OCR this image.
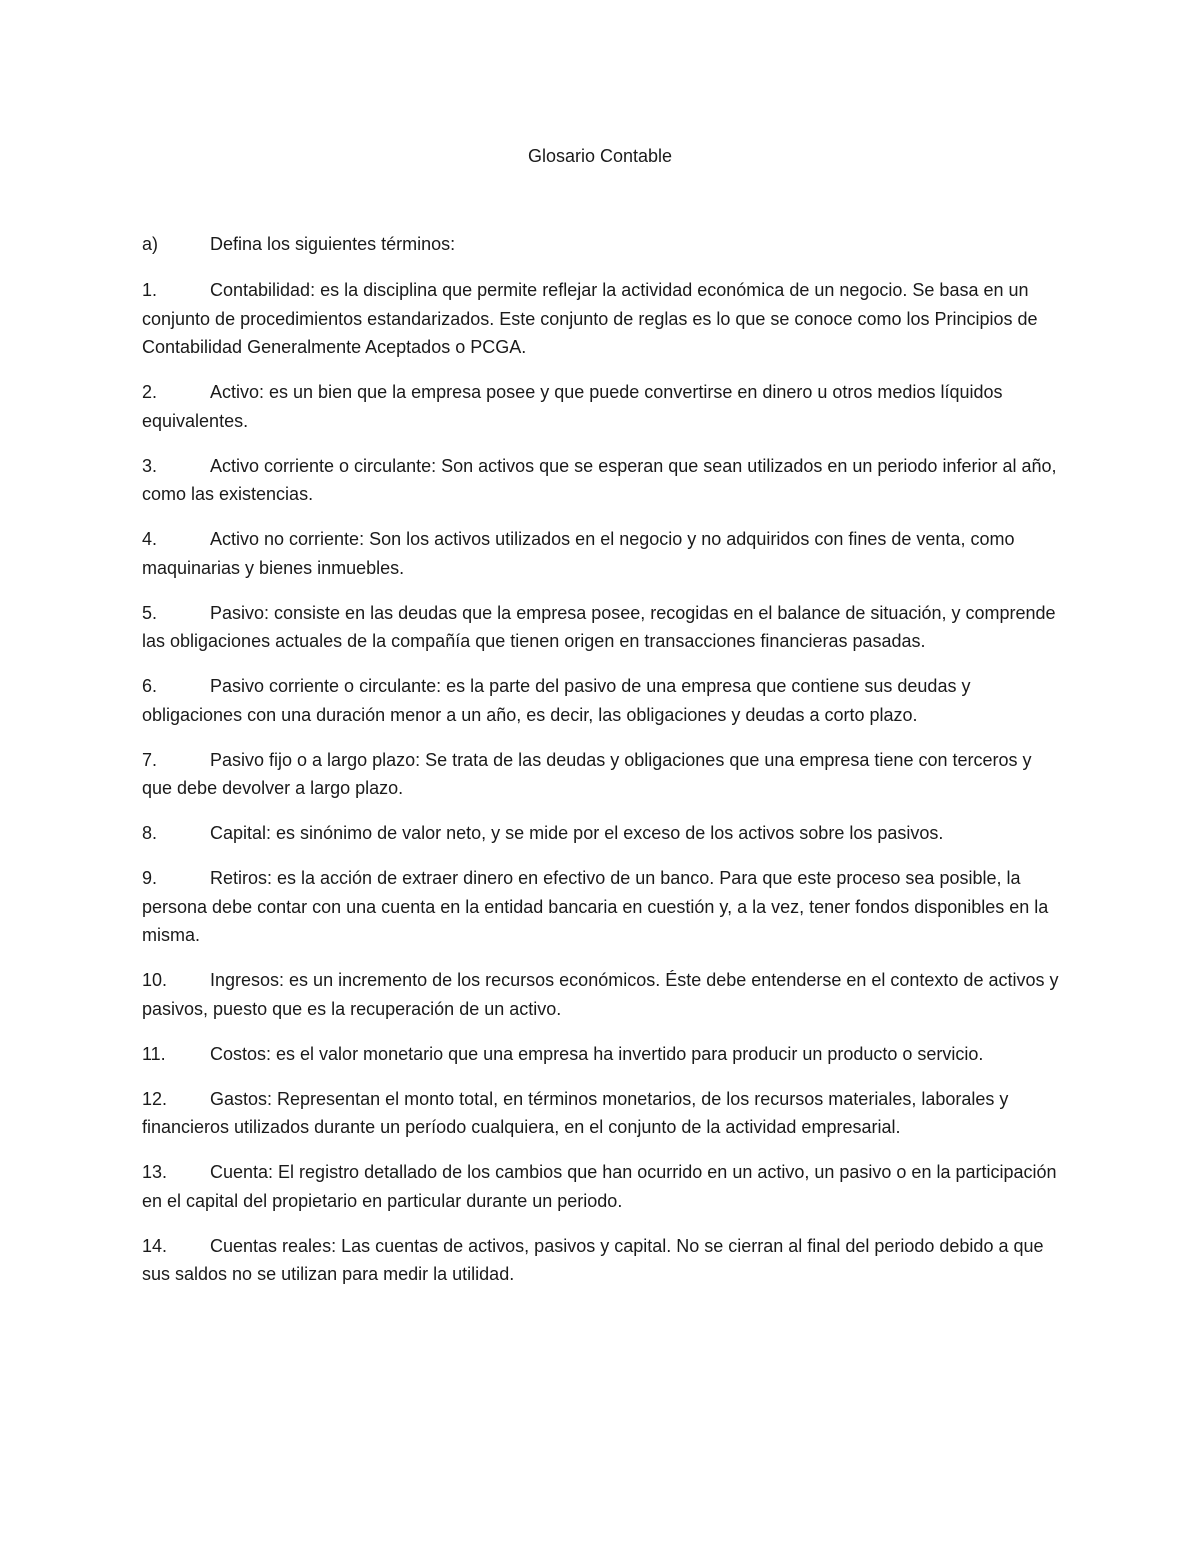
Glosario Contable
a)	Defina los siguientes términos:

1.	Contabilidad: es la disciplina que permite reflejar la actividad económica de un negocio. Se basa en un conjunto de procedimientos estandarizados. Este conjunto de reglas es lo que se conoce como los Principios de Contabilidad Generalmente Aceptados o PCGA.

2.	Activo: es un bien que la empresa posee y que puede convertirse en dinero u otros medios líquidos equivalentes.

3.	Activo corriente o circulante: Son activos que se esperan que sean utilizados en un periodo inferior al año, como las existencias.

4.	Activo no corriente: Son los activos utilizados en el negocio y no adquiridos con fines de venta, como maquinarias y bienes inmuebles.

5.	Pasivo: consiste en las deudas que la empresa posee, recogidas en el balance de situación, y comprende las obligaciones actuales de la compañía que tienen origen en transacciones financieras pasadas.

6.	Pasivo corriente o circulante: es la parte del pasivo de una empresa que contiene sus deudas y obligaciones con una duración menor a un año, es decir, las obligaciones y deudas a corto plazo.

7.	Pasivo fijo o a largo plazo: Se trata de las deudas y obligaciones que una empresa tiene con terceros y que debe devolver a largo plazo.

8.	Capital: es sinónimo de valor neto, y se mide por el exceso de los activos sobre los pasivos.

9.	Retiros: es la acción de extraer dinero en efectivo de un banco. Para que este proceso sea posible, la persona debe contar con una cuenta en la entidad bancaria en cuestión y, a la vez, tener fondos disponibles en la misma.

10. Ingresos: es un incremento de los recursos económicos. Éste debe entenderse en el contexto de activos y pasivos, puesto que es la recuperación de un activo.

11. Costos: es el valor monetario que una empresa ha invertido para producir un producto o servicio.

12. Gastos: Representan el monto total, en términos monetarios, de los recursos materiales, laborales y financieros utilizados durante un período cualquiera, en el conjunto de la actividad empresarial.

13. Cuenta: El registro detallado de los cambios que han ocurrido en un activo, un pasivo o en la participación en el capital del propietario en particular durante un periodo.

14. Cuentas reales: Las cuentas de activos, pasivos y capital. No se cierran al final del periodo debido a que sus saldos no se utilizan para medir la utilidad.
